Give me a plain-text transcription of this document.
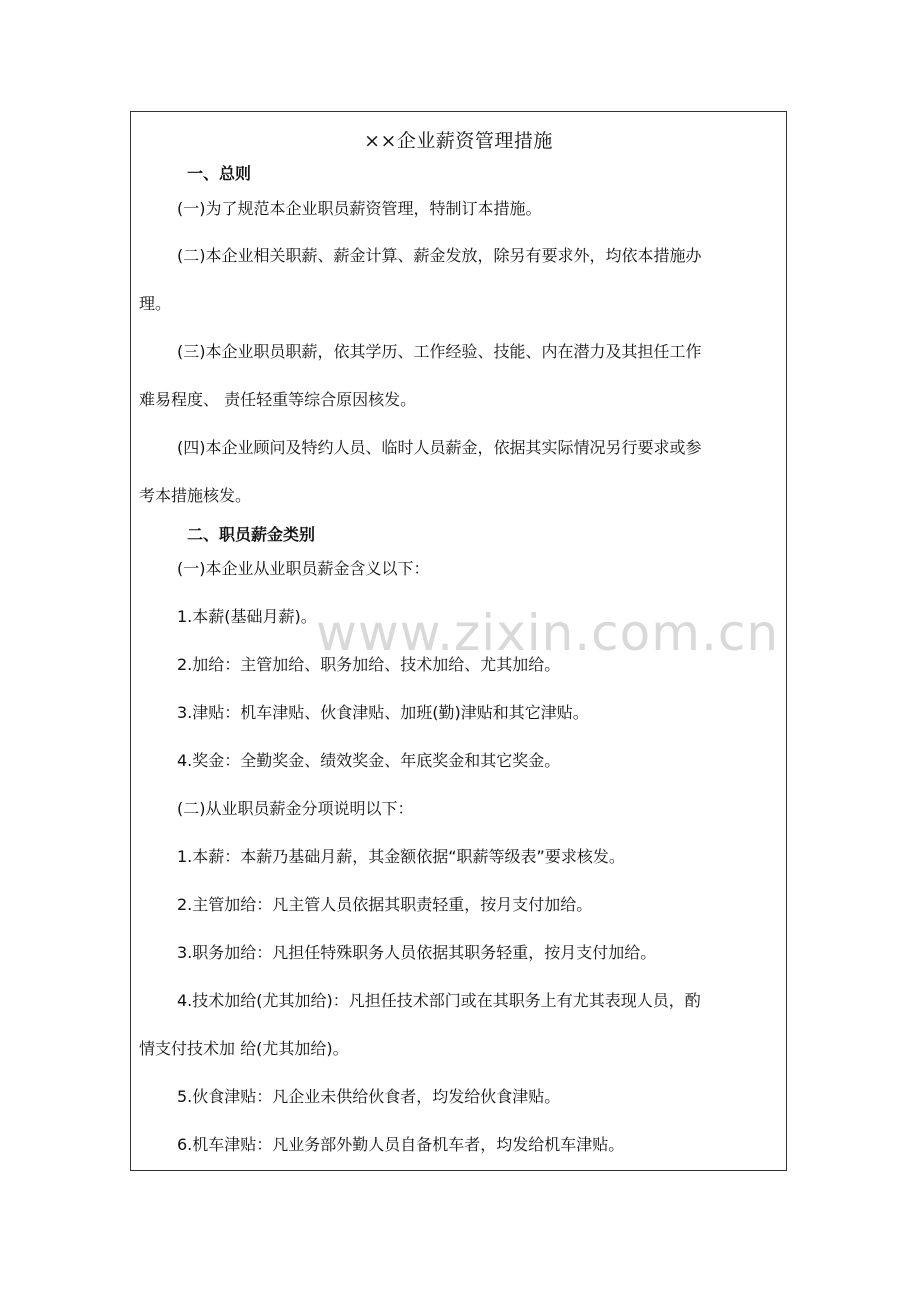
www.zixin.com.cn
××企业薪资管理措施
一、总则
(一)为了规范本企业职员薪资管理，特制订本措施。
(二)本企业相关职薪、薪金计算、薪金发放，除另有要求外，均依本措施办
理。
(三)本企业职员职薪，依其学历、工作经验、技能、内在潜力及其担任工作
难易程度、 责任轻重等综合原因核发。
(四)本企业顾问及特约人员、临时人员薪金，依据其实际情况另行要求或参
考本措施核发。
二、职员薪金类别
(一)本企业从业职员薪金含义以下：
1.本薪(基础月薪)。
2.加给：主管加给、职务加给、技术加给、尤其加给。
3.津贴：机车津贴、伙食津贴、加班(勤)津贴和其它津贴。
4.奖金：全勤奖金、绩效奖金、年底奖金和其它奖金。
(二)从业职员薪金分项说明以下：
1.本薪：本薪乃基础月薪，其金额依据“职薪等级表”要求核发。
2.主管加给：凡主管人员依据其职责轻重，按月支付加给。
3.职务加给：凡担任特殊职务人员依据其职务轻重，按月支付加给。
4.技术加给(尤其加给)：凡担任技术部门或在其职务上有尤其表现人员，酌
情支付技术加 给(尤其加给)。
5.伙食津贴：凡企业未供给伙食者，均发给伙食津贴。
6.机车津贴：凡业务部外勤人员自备机车者，均发给机车津贴。
